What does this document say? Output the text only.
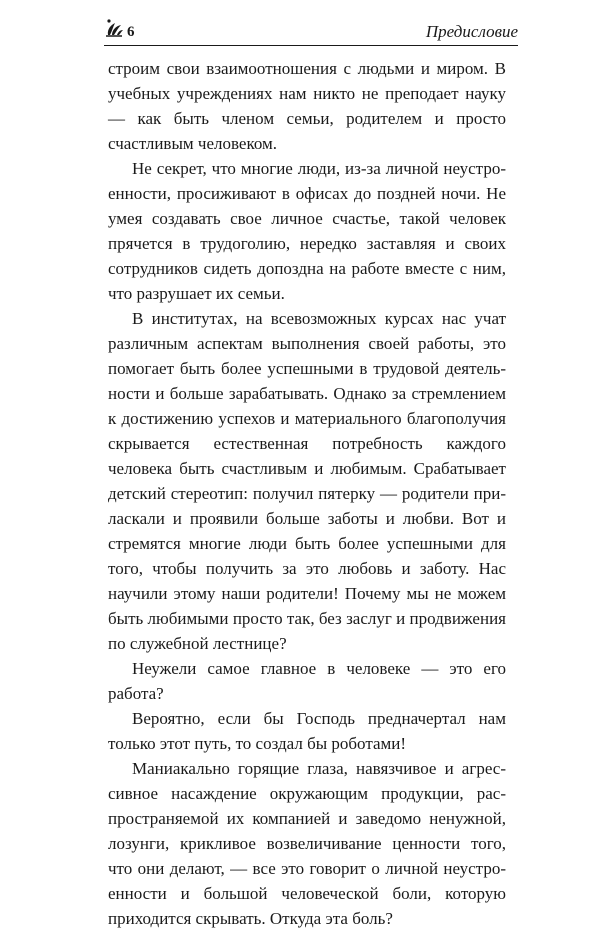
6	Предисловие

строим свои взаимоотношения с людьми и миром. В учебных учреждениях нам никто не преподает науку — как быть членом семьи, родителем и просто счастливым человеком.

Не секрет, что многие люди, из-за личной неустроенности, просиживают в офисах до поздней ночи. Не умея создавать свое личное счастье, такой человек прячется в трудоголию, нередко заставляя и своих сотрудников сидеть допоздна на работе вместе с ним, что разрушает их семьи.

В институтах, на всевозможных курсах нас учат различным аспектам выполнения своей работы, это помогает быть более успешными в трудовой деятельности и больше зарабатывать. Однако за стремлением к достижению успехов и материального благополучия скрывается естественная потребность каждого человека быть счастливым и любимым. Срабатывает детский стереотип: получил пятерку — родители приласкали и проявили больше заботы и любви. Вот и стремятся многие люди быть более успешными для того, чтобы получить за это любовь и заботу. Нас научили этому наши родители! Почему мы не можем быть любимыми просто так, без заслуг и продвижения по служебной лестнице?

Неужели самое главное в человеке — это его работа?

Вероятно, если бы Господь предначертал нам только этот путь, то создал бы роботами!

Маниакально горящие глаза, навязчивое и агрессивное насаждение окружающим продукции, распространяемой их компанией и заведомо ненужной, лозунги, крикливое возвеличивание ценности того, что они делают, — все это говорит о личной неустроенности и большой человеческой боли, которую приходится скрывать. Откуда эта боль?
